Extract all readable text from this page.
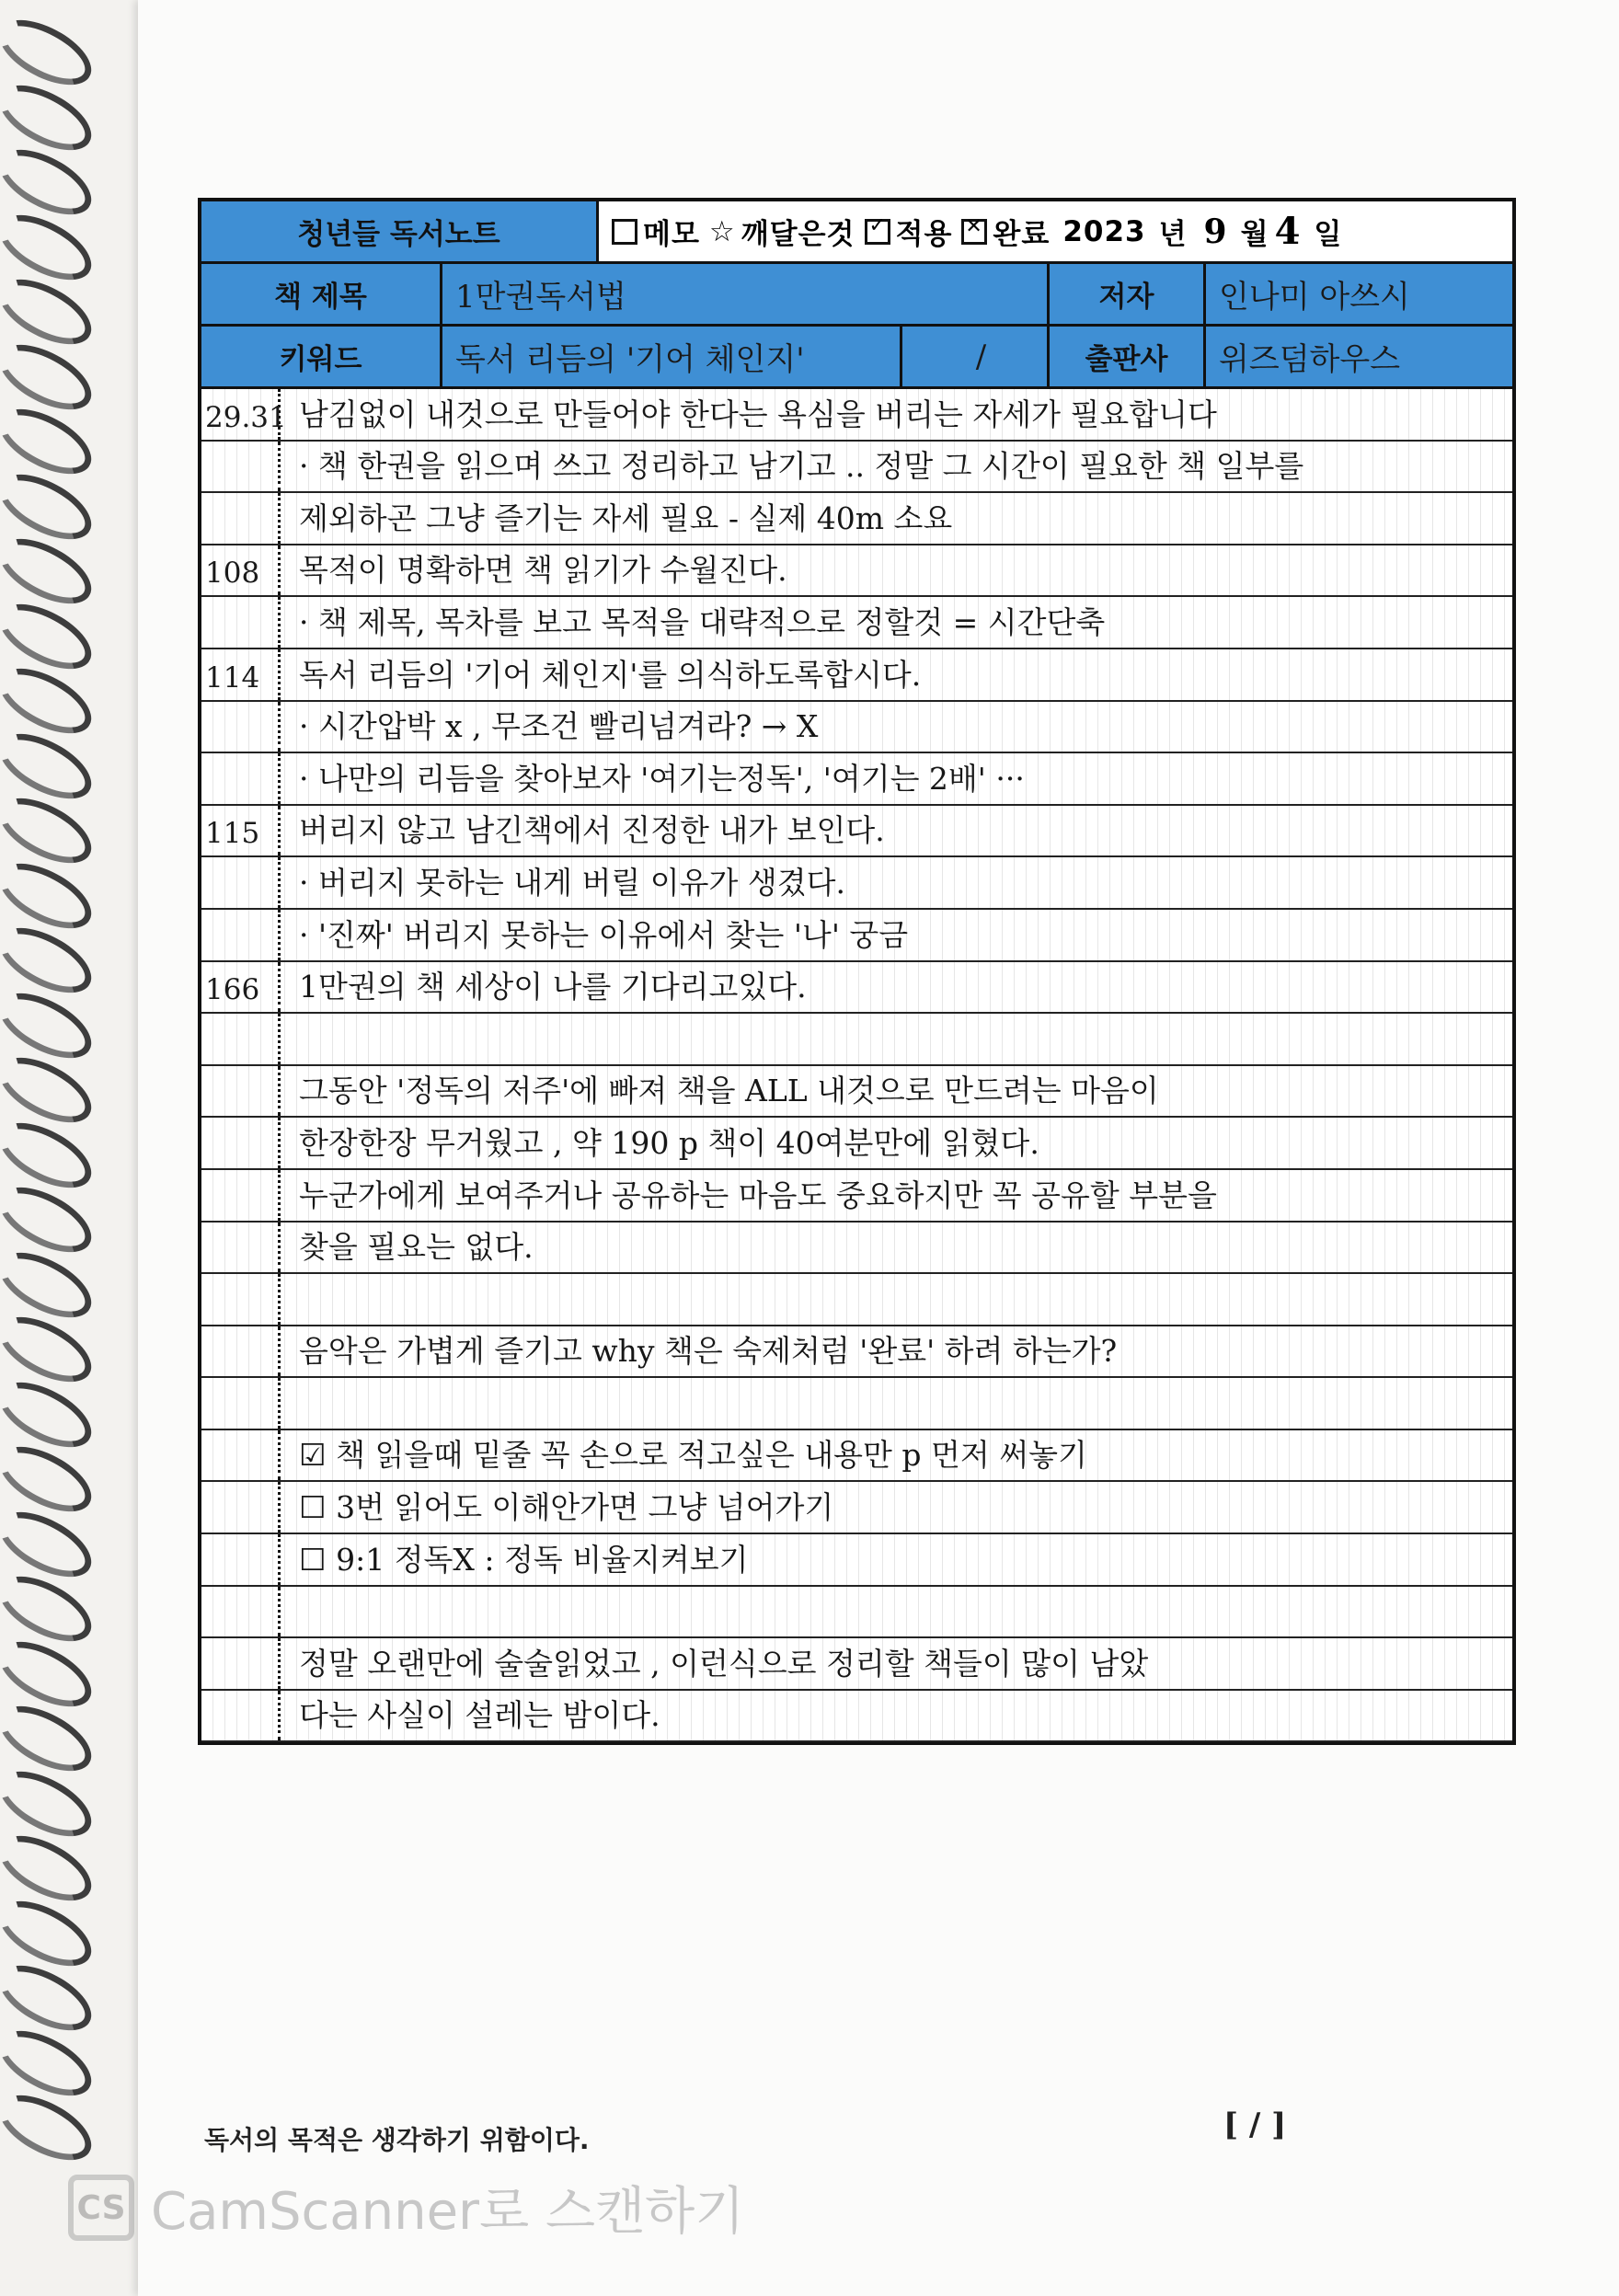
청년들 독서노트	메모 ☆ 깨달은것 ✓ 적용 ✕ 완료 2023 년 9 월 4 일
책 제목	1만권독서법	저자	인나미 아쓰시
키워드	독서 리듬의 '기어 체인지'	/	출판사	위즈덤하우스
29.31 남김없이 내것으로 만들어야 한다는 욕심을 버리는 자세가 필요합니다
· 책 한권을 읽으며 쓰고 정리하고 남기고 .. 정말 그 시간이 필요한 책 일부를
제외하곤 그냥 즐기는 자세 필요 - 실제 40m 소요
108	목적이 명확하면 책 읽기가 수월진다.
· 책 제목, 목차를 보고 목적을 대략적으로 정할것 = 시간단축
114	독서 리듬의 '기어 체인지'를 의식하도록합시다.
· 시간압박 x , 무조건 빨리넘겨라? → X
· 나만의 리듬을 찾아보자 '여기는정독', '여기는 2배' ···
115	버리지 않고 남긴책에서 진정한 내가 보인다.
· 버리지 못하는 내게 버릴 이유가 생겼다.
· '진짜' 버리지 못하는 이유에서 찾는 '나' 궁금
166	1만권의 책 세상이 나를 기다리고있다.
그동안 '정독의 저주'에 빠져 책을 ALL 내것으로 만드려는 마음이
한장한장 무거웠고 , 약 190 p 책이 40여분만에 읽혔다.
누군가에게 보여주거나 공유하는 마음도 중요하지만 꼭 공유할 부분을
찾을 필요는 없다.
음악은 가볍게 즐기고 why 책은 숙제처럼 '완료' 하려 하는가?
☑ 책 읽을때 밑줄 꼭 손으로 적고싶은 내용만 p 먼저 써놓기
☐ 3번 읽어도 이해안가면 그냥 넘어가기
☐ 9:1 정독X : 정독 비율지켜보기
정말 오랜만에 술술읽었고 , 이런식으로 정리할 책들이 많이 남았
다는 사실이 설레는 밤이다.
독서의 목적은 생각하기 위함이다.	[ / ]
CS CamScanner로 스캔하기
